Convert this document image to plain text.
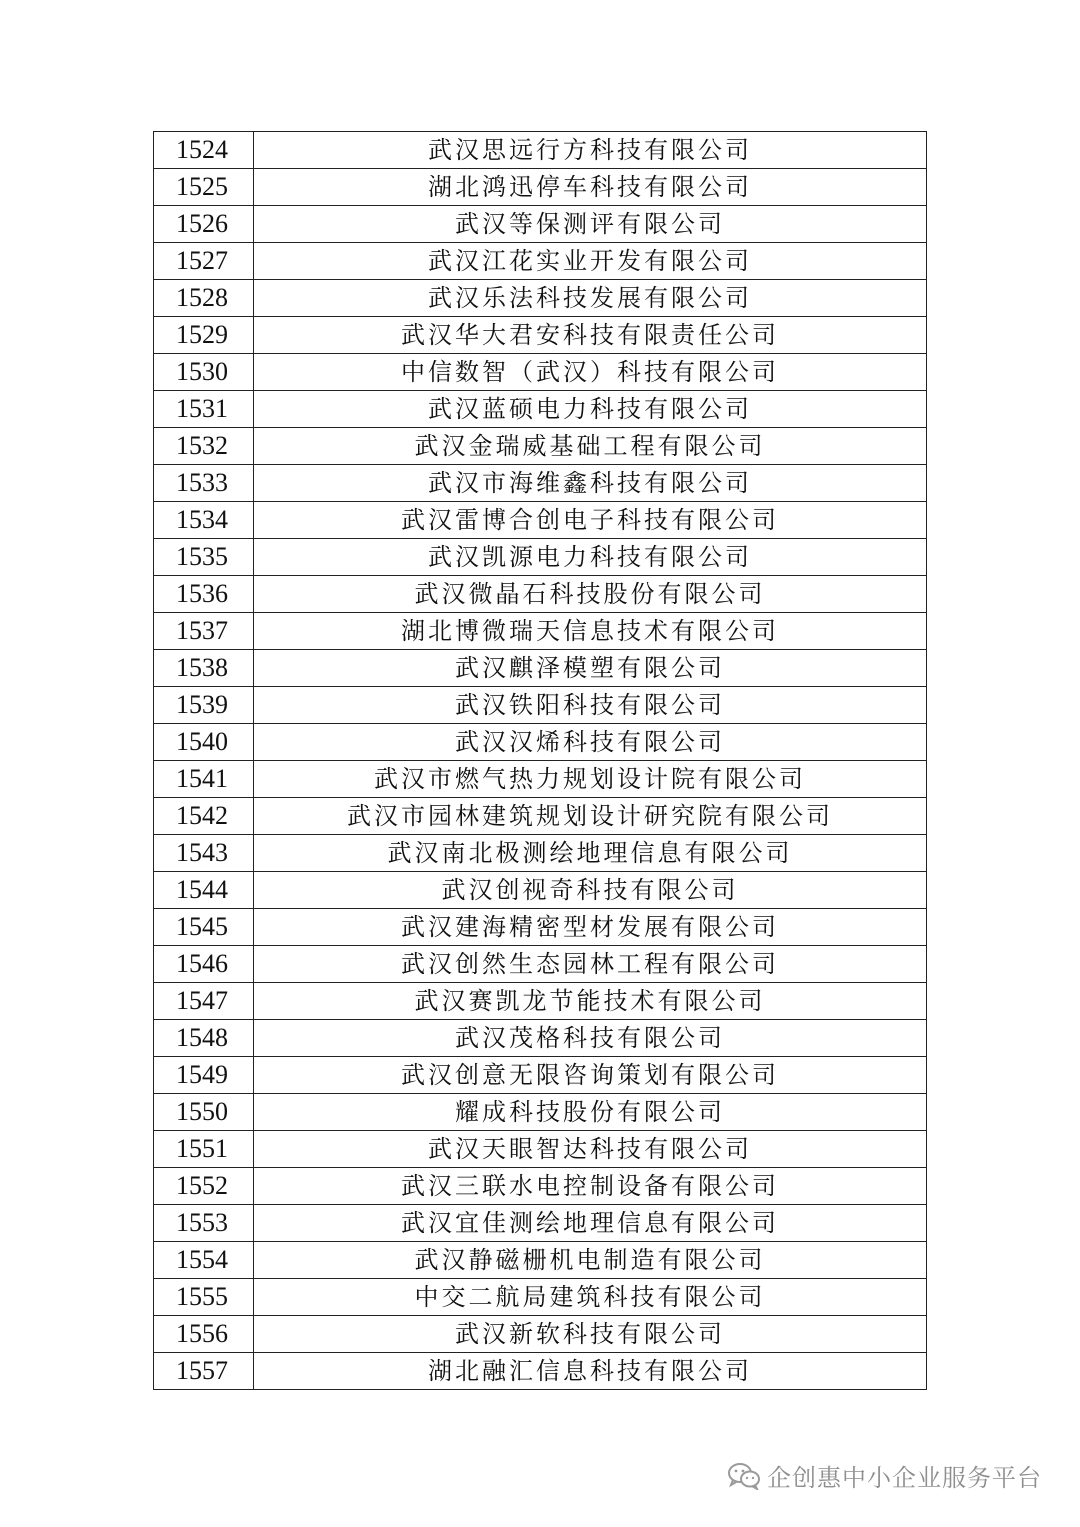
1524	武汉思远行方科技有限公司
1525	湖北鸿迅停车科技有限公司
1526	武汉等保测评有限公司
1527	武汉江花实业开发有限公司
1528	武汉乐法科技发展有限公司
1529	武汉华大君安科技有限责任公司
1530	中信数智（武汉）科技有限公司
1531	武汉蓝硕电力科技有限公司
1532	武汉金瑞威基础工程有限公司
1533	武汉市海维鑫科技有限公司
1534	武汉雷博合创电子科技有限公司
1535	武汉凯源电力科技有限公司
1536	武汉微晶石科技股份有限公司
1537	湖北博微瑞天信息技术有限公司
1538	武汉麒泽模塑有限公司
1539	武汉铁阳科技有限公司
1540	武汉汉烯科技有限公司
1541	武汉市燃气热力规划设计院有限公司
1542	武汉市园林建筑规划设计研究院有限公司
1543	武汉南北极测绘地理信息有限公司
1544	武汉创视奇科技有限公司
1545	武汉建海精密型材发展有限公司
1546	武汉创然生态园林工程有限公司
1547	武汉赛凯龙节能技术有限公司
1548	武汉茂格科技有限公司
1549	武汉创意无限咨询策划有限公司
1550	耀成科技股份有限公司
1551	武汉天眼智达科技有限公司
1552	武汉三联水电控制设备有限公司
1553	武汉宜佳测绘地理信息有限公司
1554	武汉静磁栅机电制造有限公司
1555	中交二航局建筑科技有限公司
1556	武汉新软科技有限公司
1557	湖北融汇信息科技有限公司
企创惠中小企业服务平台
